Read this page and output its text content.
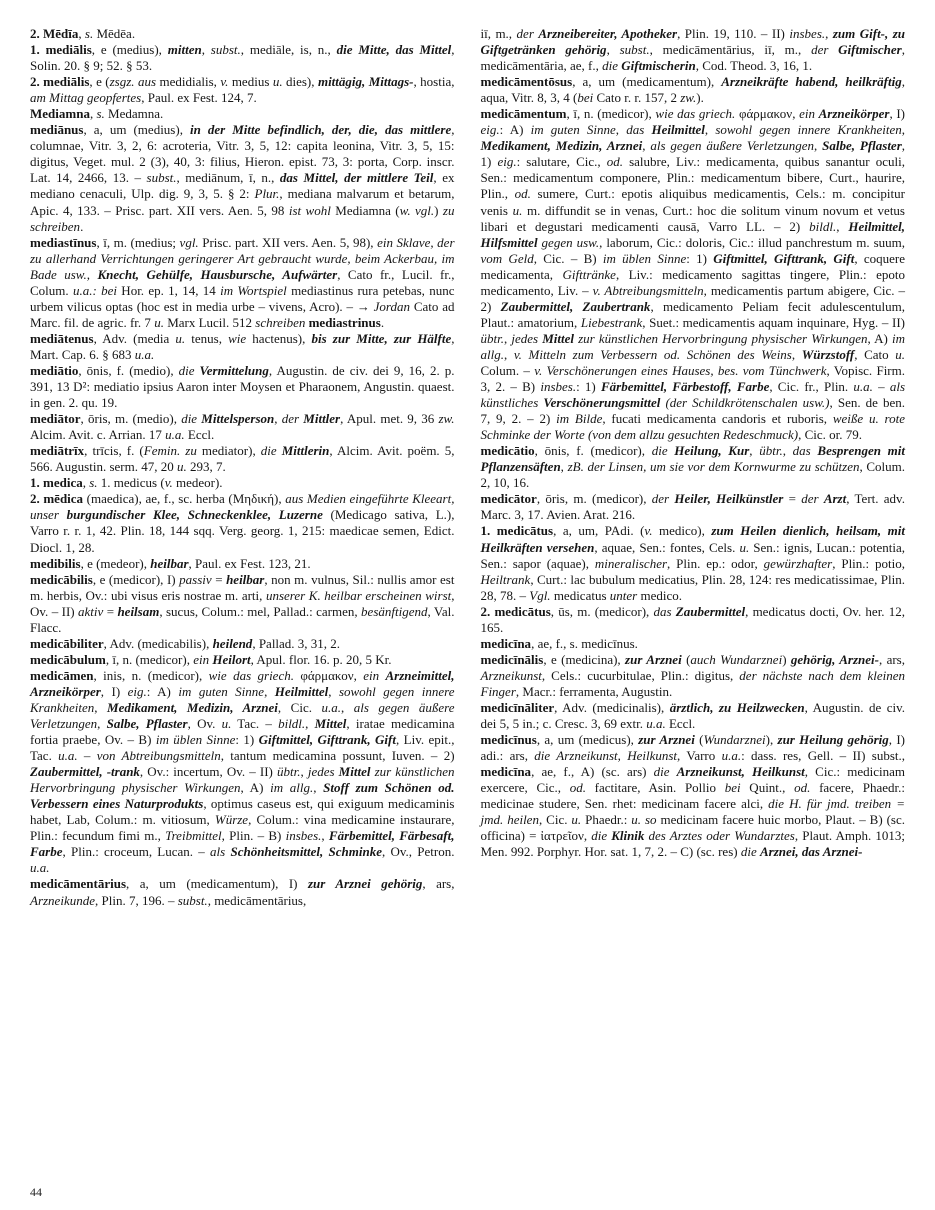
2. Mēdīa, s. Mēdēa.

1. mediālis, e (medius), mitten, subst., mediāle, is, n., die Mitte, das Mittel, Solin. 20. § 9; 52. § 53.

2. mediālis, e (zsgz. aus medidialis, v. medius u. dies), mittägig, Mittags-, hostia, am Mittag geopfertes, Paul. ex Fest. 124, 7.

Mediamna, s. Medamna.

mediānus, a, um (medius), in der Mitte befindlich, der, die, das mittlere, columnae, Vitr. 3, 2, 6: acroteria, Vitr. 3, 5, 12: capita leonina, Vitr. 3, 5, 15: digitus, Veget. mul. 2 (3), 40, 3: filius, Hieron. epist. 73, 3: porta, Corp. inscr. Lat. 14, 2466, 13. – subst., mediānum, ī, n., das Mittel, der mittlere Teil, ex mediano cenaculi, Ulp. dig. 9, 3, 5. § 2: Plur., mediana malvarum et betarum, Apic. 4, 133. – Prisc. part. XII vers. Aen. 5, 98 ist wohl Mediamna (w. vgl.) zu schreiben.

mediastīnus, ī, m. (medius; vgl. Prisc. part. XII vers. Aen. 5, 98), ein Sklave, der zu allerhand Verrichtungen geringerer Art gebraucht wurde, beim Ackerbau, im Bade usw., Knecht, Gehülfe, Hausbursche, Aufwärter, Cato fr., Lucil. fr., Colum. u.a.: bei Hor. ep. 1, 14, 14 im Wortspiel mediastinus rura petebas, nunc urbem vilicus optas (hoc est in media urbe – vivens, Acro). – → Jordan Cato ad Marc. fil. de agric. fr. 7 u. Marx Lucil. 512 schreiben mediastrinus.

mediātenus, Adv. (media u. tenus, wie hactenus), bis zur Mitte, zur Hälfte, Mart. Cap. 6. § 683 u.a.

mediātio, ōnis, f. (medio), die Vermittelung, Augustin. de civ. dei 9, 16, 2. p. 391, 13 D²: mediatio ipsius Aaron inter Moysen et Pharaonem, Angustin. quaest. in gen. 2. qu. 19.

mediātor, ōris, m. (medio), die Mittelsperson, der Mittler, Apul. met. 9, 36 zw. Alcim. Avit. c. Arrian. 17 u.a. Eccl.

mediātrīx, trīcis, f. (Femin. zu mediator), die Mittlerin, Alcim. Avit. poëm. 5, 566. Augustin. serm. 47, 20 u. 293, 7.

1. medica, s. 1. medicus (v. medeor).

2. mēdica (maedica), ae, f., sc. herba (Μηδική), aus Medien eingeführte Kleeart, unser burgundischer Klee, Schneckenklee, Luzerne (Medicago sativa, L.), Varro r. r. 1, 42. Plin. 18, 144 sqq. Verg. georg. 1, 215: maedicae semen, Edict. Diocl. 1, 28.

medibilis, e (medeor), heilbar, Paul. ex Fest. 123, 21.

medicābilis, e (medicor), I) passiv = heilbar, non m. vulnus, Sil.: nullis amor est m. herbis, Ov.: ubi visus eris nostrae m. arti, unserer K. heilbar erscheinen wirst, Ov. – II) aktiv = heilsam, sucus, Colum.: mel, Pallad.: carmen, besänftigend, Val. Flacc.

medicābiliter, Adv. (medicabilis), heilend, Pallad. 3, 31, 2.

medicābulum, ī, n. (medicor), ein Heilort, Apul. flor. 16. p. 20, 5 Kr.

medicāmen, inis, n. (medicor), wie das griech. φάρμακον, ein Arzneimittel, Arzneikörper, I) eig.: A) im guten Sinne, Heilmittel, sowohl gegen innere Krankheiten, Medikament, Medizin, Arznei, Cic. u.a., als gegen äußere Verletzungen, Salbe, Pflaster, Ov. u. Tac. – bildl., Mittel, iratae medicamina fortia praebe, Ov. – B) im üblen Sinne: 1) Giftmittel, Gifttrank, Gift, Liv. epit., Tac. u.a. – von Abtreibungsmitteln, tantum medicamina possunt, Iuven. – 2) Zaubermittel, -trank, Ov.: incertum, Ov. – II) übtr., jedes Mittel zur künstlichen Hervorbringung physischer Wirkungen, A) im allg., Stoff zum Schönen od. Verbessern eines Naturprodukts, optimus caseus est, qui exiguum medicaminis habet, Lab, Colum.: m. vitiosum, Würze, Colum.: vina medicamine instaurare, Plin.: fecundum fimi m., Treibmittel, Plin. – B) insbes., Färbemittel, Färbesaft, Farbe, Plin.: croceum, Lucan. – als Schönheitsmittel, Schminke, Ov., Petron. u.a.

medicāmentārius, a, um (medicamentum), I) zur Arznei gehörig, ars, Arzneikunde, Plin. 7, 196. – subst., medicāmentārius,

iī, m., der Arzneibereiter, Apotheker, Plin. 19, 110. – II) insbes., zum Gift-, zu Giftgetränken gehörig, subst., medicāmentārius, iī, m., der Giftmischer, medicāmentāria, ae, f., die Giftmischerin, Cod. Theod. 3, 16, 1.

medicāmentōsus, a, um (medicamentum), Arzneikräfte habend, heilkräftig, aqua, Vitr. 8, 3, 4 (bei Cato r. r. 157, 2 zw.).

medicāmentum, ī, n. (medicor), wie das griech. φάρμακον, ein Arzneikörper, I) eig.: A) im guten Sinne, das Heilmittel, sowohl gegen innere Krankheiten, Medikament, Medizin, Arznei, als gegen äußere Verletzungen, Salbe, Pflaster, 1) eig.: salutare, Cic., od. salubre, Liv.: medicamenta, quibus sanantur oculi, Sen.: medicamentum componere, Plin.: medicamentum bibere, Curt., haurire, Plin., od. sumere, Curt.: epotis aliquibus medicamentis, Cels.: m. concipitur venis u. m. diffundit se in venas, Curt.: hoc die solitum vinum novum et vetus libari et degustari medicamenti causā, Varro LL. – 2) bildl., Heilmittel, Hilfsmittel gegen usw., laborum, Cic.: doloris, Cic.: illud panchrestum m. suum, vom Geld, Cic. – B) im üblen Sinne: 1) Giftmittel, Gifttrank, Gift, coquere medicamenta, Gifttränke, Liv.: medicamento sagittas tingere, Plin.: epoto medicamento, Liv. – v. Abtreibungsmitteln, medicamentis partum abigere, Cic. – 2) Zaubermittel, Zaubertrank, medicamento Peliam fecit adulescentulum, Plaut.: amatorium, Liebestrank, Suet.: medicamentis aquam inquinare, Hyg. – II) übtr., jedes Mittel zur künstlichen Hervorbringung physischer Wirkungen, A) im allg., v. Mitteln zum Verbessern od. Schönen des Weins, Würzstoff, Cato u. Colum. – v. Verschönerungen eines Hauses, bes. vom Tünchwerk, Vopisc. Firm. 3, 2. – B) insbes.: 1) Färbemittel, Färbestoff, Farbe, Cic. fr., Plin. u.a. – als künstliches Verschönerungsmittel (der Schildkrötenschalen usw.), Sen. de ben. 7, 9, 2. – 2) im Bilde, fucati medicamenta candoris et ruboris, weiße u. rote Schminke der Worte (von dem allzu gesuchten Redeschmuck), Cic. or. 79.

medicātio, ōnis, f. (medicor), die Heilung, Kur, übtr., das Besprengen mit Pflanzensäften, zB. der Linsen, um sie vor dem Kornwurme zu schützen, Colum. 2, 10, 16.

medicātor, ōris, m. (medicor), der Heiler, Heilkünstler = der Arzt, Tert. adv. Marc. 3, 17. Avien. Arat. 216.

1. medicātus, a, um, PAdi. (v. medico), zum Heilen dienlich, heilsam, mit Heilkräften versehen, aquae, Sen.: fontes, Cels. u. Sen.: ignis, Lucan.: potentia, Sen.: sapor (aquae), mineralischer, Plin. ep.: odor, gewürzhafter, Plin.: potio, Heiltrank, Curt.: lac bubulum medicatius, Plin. 28, 124: res medicatissimae, Plin. 28, 78. – Vgl. medicatus unter medico.

2. medicātus, ūs, m. (medicor), das Zaubermittel, medicatus docti, Ov. her. 12, 165.

medicīna, ae, f., s. medicīnus.

medicīnālis, e (medicina), zur Arznei (auch Wundarznei) gehörig, Arznei-, ars, Arzneikunst, Cels.: cucurbitulae, Plin.: digitus, der nächste nach dem kleinen Finger, Macr.: ferramenta, Augustin.

medicīnāliter, Adv. (medicinalis), ärztlich, zu Heilzwecken, Augustin. de civ. dei 5, 5 in.; c. Cresc. 3, 69 extr. u.a. Eccl.

medicīnus, a, um (medicus), zur Arznei (Wundarznei), zur Heilung gehörig, I) adi.: ars, die Arzneikunst, Heilkunst, Varro u.a.: dass. res, Gell. – II) subst., medicīna, ae, f., A) (sc. ars) die Arzneikunst, Heilkunst, Cic.: medicinam exercere, Cic., od. factitare, Asin. Pollio bei Quint., od. facere, Phaedr.: medicinae studere, Sen. rhet: medicinam facere alci, die H. für jmd. treiben = jmd. heilen, Cic. u. Phaedr.: u. so medicinam facere huic morbo, Plaut. – B) (sc. officina) = ἰατρεῖον, die Klinik des Arztes oder Wundarztes, Plaut. Amph. 1013; Men. 992. Porphyr. Hor. sat. 1, 7, 2. – C) (sc. res) die Arznei, das Arznei-

44
